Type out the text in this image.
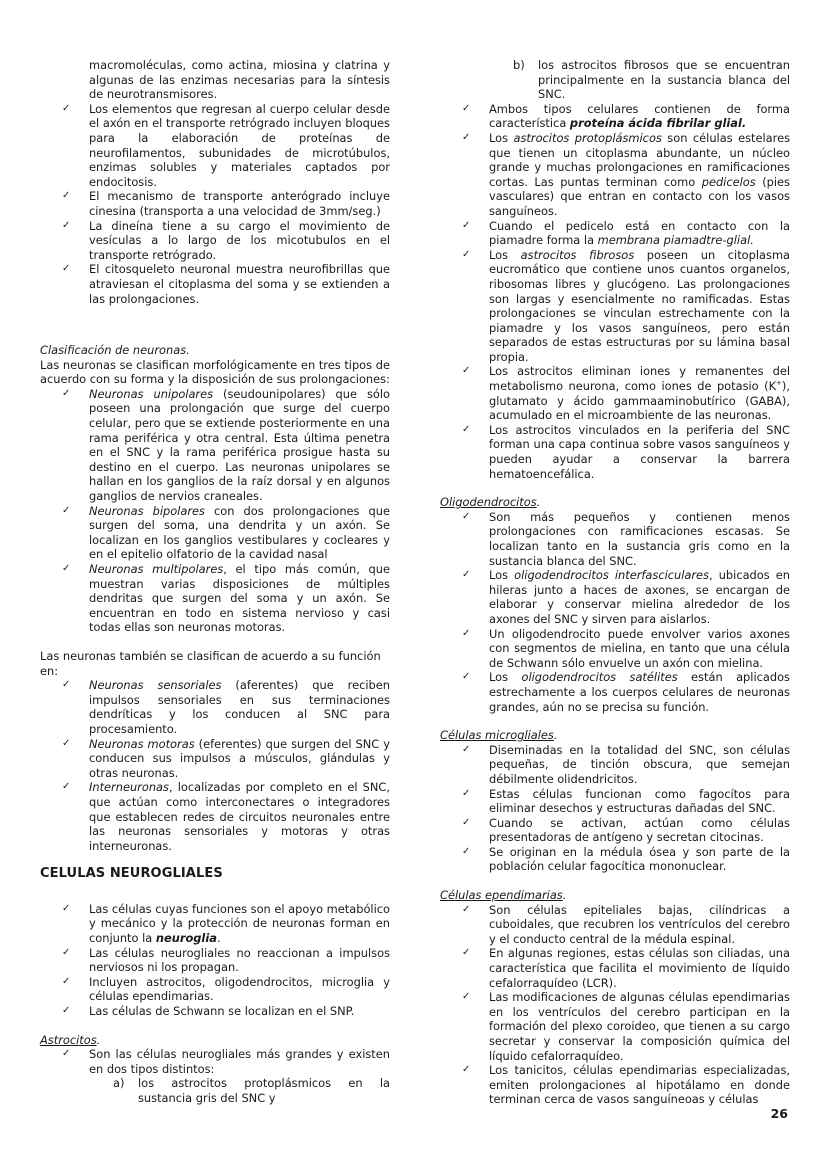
macromoléculas, como actina, miosina y clatrina y algunas de las enzimas necesarias para la síntesis de neurotransmisores.
✓ Los elementos que regresan al cuerpo celular desde el axón en el transporte retrógrado incluyen bloques para la elaboración de proteínas de neurofilamentos, subunidades de microtúbulos, enzimas solubles y materiales captados por endocitosis.
✓ El mecanismo de transporte anterógrado incluye cinesina (transporta a una velocidad de 3mm/seg.)
✓ La dineína tiene a su cargo el movimiento de vesículas a lo largo de los micotubulos en el transporte retrógrado.
✓ El citosqueleto neuronal muestra neurofibrillas que atraviesan el citoplasma del soma y se extienden a las prolongaciones.
Clasificación de neuronas.
Las neuronas se clasifican morfológicamente en tres tipos de acuerdo con su forma y la disposición de sus prolongaciones:
✓ Neuronas unipolares (seudounipolares) que sólo poseen una prolongación que surge del cuerpo celular, pero que se extiende posteriormente en una rama periférica y otra central. Esta última penetra en el SNC y la rama periférica prosigue hasta su destino en el cuerpo. Las neuronas unipolares se hallan en los ganglios de la raíz dorsal y en algunos ganglios de nervios craneales.
✓ Neuronas bipolares con dos prolongaciones que surgen del soma, una dendrita y un axón. Se localizan en los ganglios vestibulares y cocleares y en el epitelio olfatorio de la cavidad nasal
✓ Neuronas multipolares, el tipo más común, que muestran varias disposiciones de múltiples dendritas que surgen del soma y un axón. Se encuentran en todo en sistema nervioso y casi todas ellas son neuronas motoras.
Las neuronas también se clasifican de acuerdo a su función en:
✓ Neuronas sensoriales (aferentes) que reciben impulsos sensoriales en sus terminaciones dendríticas y los conducen al SNC para procesamiento.
✓ Neuronas motoras (eferentes) que surgen del SNC y conducen sus impulsos a músculos, glándulas y otras neuronas.
✓ Interneuronas, localizadas por completo en el SNC, que actúan como interconectares o integradores que establecen redes de circuitos neuronales entre las neuronas sensoriales y motoras y otras interneuronas.
CELULAS NEUROGLIALES
✓ Las células cuyas funciones son el apoyo metabólico y mecánico y la protección de neuronas forman en conjunto la neuroglia.
✓ Las células neurogliales no reaccionan a impulsos nerviosos ni los propagan.
✓ Incluyen astrocitos, oligodendrocitos, microglia y células ependimarias.
✓ Las células de Schwann se localizan en el SNP.
Astrocitos.
✓ Son las células neurogliales más grandes y existen en dos tipos distintos:
a) los astrocitos protoplásmicos en la sustancia gris del SNC y
b) los astrocitos fibrosos que se encuentran principalmente en la sustancia blanca del SNC.
✓ Ambos tipos celulares contienen de forma característica proteína ácida fibrilar glial.
✓ Los astrocitos protoplásmicos son células estelares que tienen un citoplasma abundante, un núcleo grande y muchas prolongaciones en ramificaciones cortas. Las puntas terminan como pedicelos (pies vasculares) que entran en contacto con los vasos sanguíneos.
✓ Cuando el pedicelo está en contacto con la piamadre forma la membrana piamadtre-glial.
✓ Los astrocitos fibrosos poseen un citoplasma eucromático que contiene unos cuantos organelos, ribosomas libres y glucógeno. Las prolongaciones son largas y esencialmente no ramificadas. Estas prolongaciones se vinculan estrechamente con la piamadre y los vasos sanguíneos, pero están separados de estas estructuras por su lámina basal propia.
✓ Los astrocitos eliminan iones y remanentes del metabolismo neurona, como iones de potasio (K+), glutamato y ácido gammaaminobutírico (GABA), acumulado en el microambiente de las neuronas.
✓ Los astrocitos vinculados en la periferia del SNC forman una capa continua sobre vasos sanguíneos y pueden ayudar a conservar la barrera hematoencefálica.
Oligodendrocitos.
✓ Son más pequeños y contienen menos prolongaciones con ramificaciones escasas. Se localizan tanto en la sustancia gris como en la sustancia blanca del SNC.
✓ Los oligodendrocitos interfasciculares, ubicados en hileras junto a haces de axones, se encargan de elaborar y conservar mielina alrededor de los axones del SNC y sirven para aislarlos.
✓ Un oligodendrocito puede envolver varios axones con segmentos de mielina, en tanto que una célula de Schwann sólo envuelve un axón con mielina.
✓ Los oligodendrocitos satélites están aplicados estrechamente a los cuerpos celulares de neuronas grandes, aún no se precisa su función.
Células microgliales.
✓ Diseminadas en la totalidad del SNC, son células pequeñas, de tinción obscura, que semejan débilmente olidendricitos.
✓ Estas células funcionan como fagocítos para eliminar desechos y estructuras dañadas del SNC.
✓ Cuando se activan, actúan como células presentadoras de antígeno y secretan citocinas.
✓ Se originan en la médula ósea y son parte de la población celular fagocítica mononuclear.
Células ependimarias.
✓ Son células epiteliales bajas, cilíndricas a cuboidales, que recubren los ventrículos del cerebro y el conducto central de la médula espinal.
✓ En algunas regiones, estas células son ciliadas, una característica que facilita el movimiento de líquido cefalorraquídeo (LCR).
✓ Las modificaciones de algunas células ependimarias en los ventrículos del cerebro participan en la formación del plexo coroideo, que tienen a su cargo secretar y conservar la composición química del líquido cefalorraquídeo.
✓ Los tanicitos, células ependimarias especializadas, emiten prolongaciones al hipotálamo en donde terminan cerca de vasos sanguíneoas y células
26
